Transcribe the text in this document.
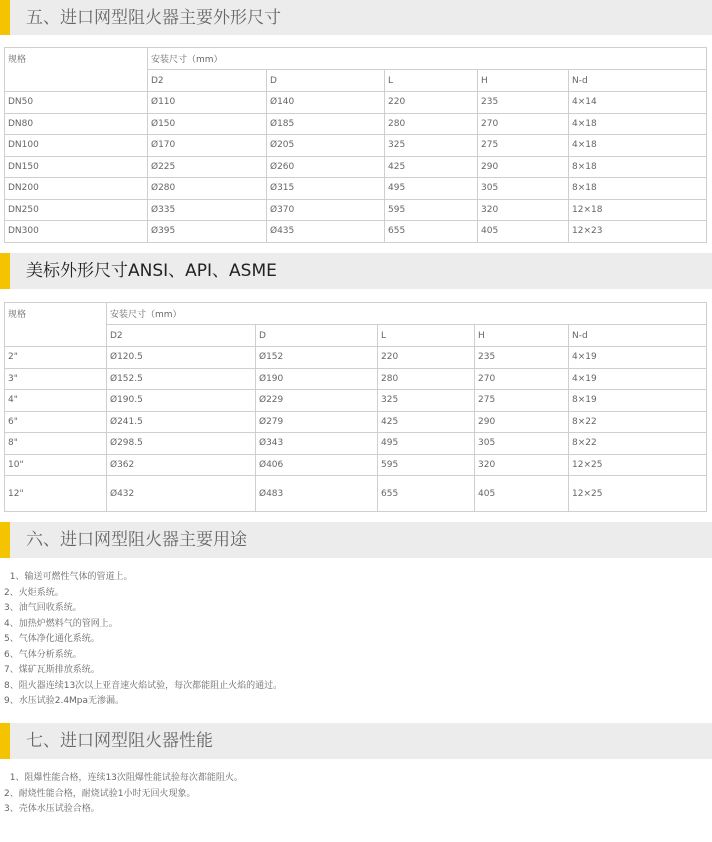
五、进口网型阻火器主要外形尺寸
规格	安装尺寸（mm）				
	D2	D	L	H	N-d
DN50	Ø110	Ø140	220	235	4×14
DN80	Ø150	Ø185	280	270	4×18
DN100	Ø170	Ø205	325	275	4×18
DN150	Ø225	Ø260	425	290	8×18
DN200	Ø280	Ø315	495	305	8×18
DN250	Ø335	Ø370	595	320	12×18
DN300	Ø395	Ø435	655	405	12×23
美标外形尺寸ANSI、API、ASME
规格	安装尺寸（mm）				
	D2	D	L	H	N-d
2"	Ø120.5	Ø152	220	235	4×19
3"	Ø152.5	Ø190	280	270	4×19
4"	Ø190.5	Ø229	325	275	8×19
6"	Ø241.5	Ø279	425	290	8×22
8"	Ø298.5	Ø343	495	305	8×22
10"	Ø362	Ø406	595	320	12×25
12"	Ø432	Ø483	655	405	12×25
六、进口网型阻火器主要用途
1、输送可燃性气体的管道上。
2、火炬系统。
3、油气回收系统。
4、加热炉燃料气的管网上。
5、气体净化通化系统。
6、气体分析系统。
7、煤矿瓦斯排放系统。
8、阻火器连续13次以上亚音速火焰试验，每次都能阻止火焰的通过。
9、水压试验2.4Mpa无渗漏。
七、进口网型阻火器性能
1、阻爆性能合格，连续13次阻爆性能试验每次都能阻火。
2、耐烧性能合格，耐烧试验1小时无回火现象。
3、壳体水压试验合格。
